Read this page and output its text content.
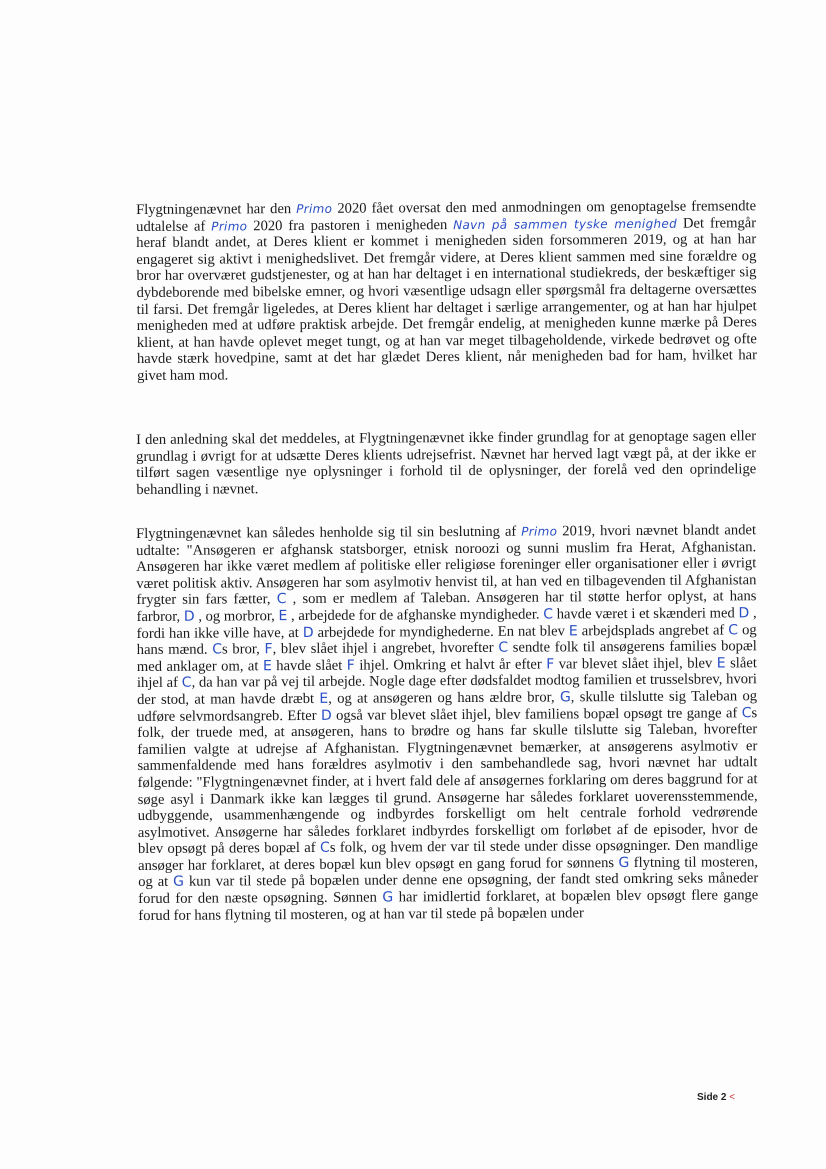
Flygtningenævnet har den Primo 2020 fået oversat den med anmodningen om genoptagelse fremsendte udtalelse af Primo 2020 fra pastoren i menigheden Navn på sammen tyske menighed Det fremgår heraf blandt andet, at Deres klient er kommet i menigheden siden forsommeren 2019, og at han har engageret sig aktivt i menighedslivet. Det fremgår videre, at Deres klient sammen med sine forældre og bror har overværet gudstjenester, og at han har deltaget i en international studiekreds, der beskæftiger sig dybdeborende med bibelske emner, og hvori væsentlige udsagn eller spørgsmål fra deltagerne oversættes til farsi. Det fremgår ligeledes, at Deres klient har deltaget i særlige arrangementer, og at han har hjulpet menigheden med at udføre praktisk arbejde. Det fremgår endelig, at menigheden kunne mærke på Deres klient, at han havde oplevet meget tungt, og at han var meget tilbageholdende, virkede bedrøvet og ofte havde stærk hovedpine, samt at det har glædet Deres klient, når menigheden bad for ham, hvilket har givet ham mod.

I den anledning skal det meddeles, at Flygtningenævnet ikke finder grundlag for at genoptage sagen eller grundlag i øvrigt for at udsætte Deres klients udrejsefrist. Nævnet har herved lagt vægt på, at der ikke er tilført sagen væsentlige nye oplysninger i forhold til de oplysninger, der forelå ved den oprindelige behandling i nævnet.

Flygtningenævnet kan således henholde sig til sin beslutning af Primo 2019, hvori nævnet blandt andet udtalte: "Ansøgeren er afghansk statsborger, etnisk noroozi og sunni muslim fra Herat, Afghanistan. Ansøgeren har ikke været medlem af politiske eller religiøse foreninger eller organisationer eller i øvrigt været politisk aktiv. Ansøgeren har som asylmotiv henvist til, at han ved en tilbagevenden til Afghanistan frygter sin fars fætter, C , som er medlem af Taleban. Ansøgeren har til støtte herfor oplyst, at hans farbror, D , og morbror, E , arbejdede for de afghanske myndigheder. C havde været i et skænderi med D , fordi han ikke ville have, at D arbejdede for myndighederne. En nat blev E arbejdsplads angrebet af C og hans mænd. Cs bror, F, blev slået ihjel i angrebet, hvorefter C sendte folk til ansøgerens families bopæl med anklager om, at E havde slået F ihjel. Omkring et halvt år efter F var blevet slået ihjel, blev E slået ihjel af C, da han var på vej til arbejde. Nogle dage efter dødsfaldet modtog familien et trusselsbrev, hvori der stod, at man havde dræbt E, og at ansøgeren og hans ældre bror, G, skulle tilslutte sig Taleban og udføre selvmordsangreb. Efter D også var blevet slået ihjel, blev familiens bopæl opsøgt tre gange af Cs folk, der truede med, at ansøgeren, hans to brødre og hans far skulle tilslutte sig Taleban, hvorefter familien valgte at udrejse af Afghanistan. Flygtningenævnet bemærker, at ansøgerens asylmotiv er sammenfaldende med hans forældres asylmotiv i den sambehandlede sag, hvori nævnet har udtalt følgende: "Flygtningenævnet finder, at i hvert fald dele af ansøgernes forklaring om deres baggrund for at søge asyl i Danmark ikke kan lægges til grund. Ansøgerne har således forklaret uoverensstemmende, udbyggende, usammenhængende og indbyrdes forskelligt om helt centrale forhold vedrørende asylmotivet. Ansøgerne har således forklaret indbyrdes forskelligt om forløbet af de episoder, hvor de blev opsøgt på deres bopæl af Cs folk, og hvem der var til stede under disse opsøgninger. Den mandlige ansøger har forklaret, at deres bopæl kun blev opsøgt en gang forud for sønnens G flytning til mosteren, og at G kun var til stede på bopælen under denne ene opsøgning, der fandt sted omkring seks måneder forud for den næste opsøgning. Sønnen G har imidlertid forklaret, at bopælen blev opsøgt flere gange forud for hans flytning til mosteren, og at han var til stede på bopælen under

Side 2 <
